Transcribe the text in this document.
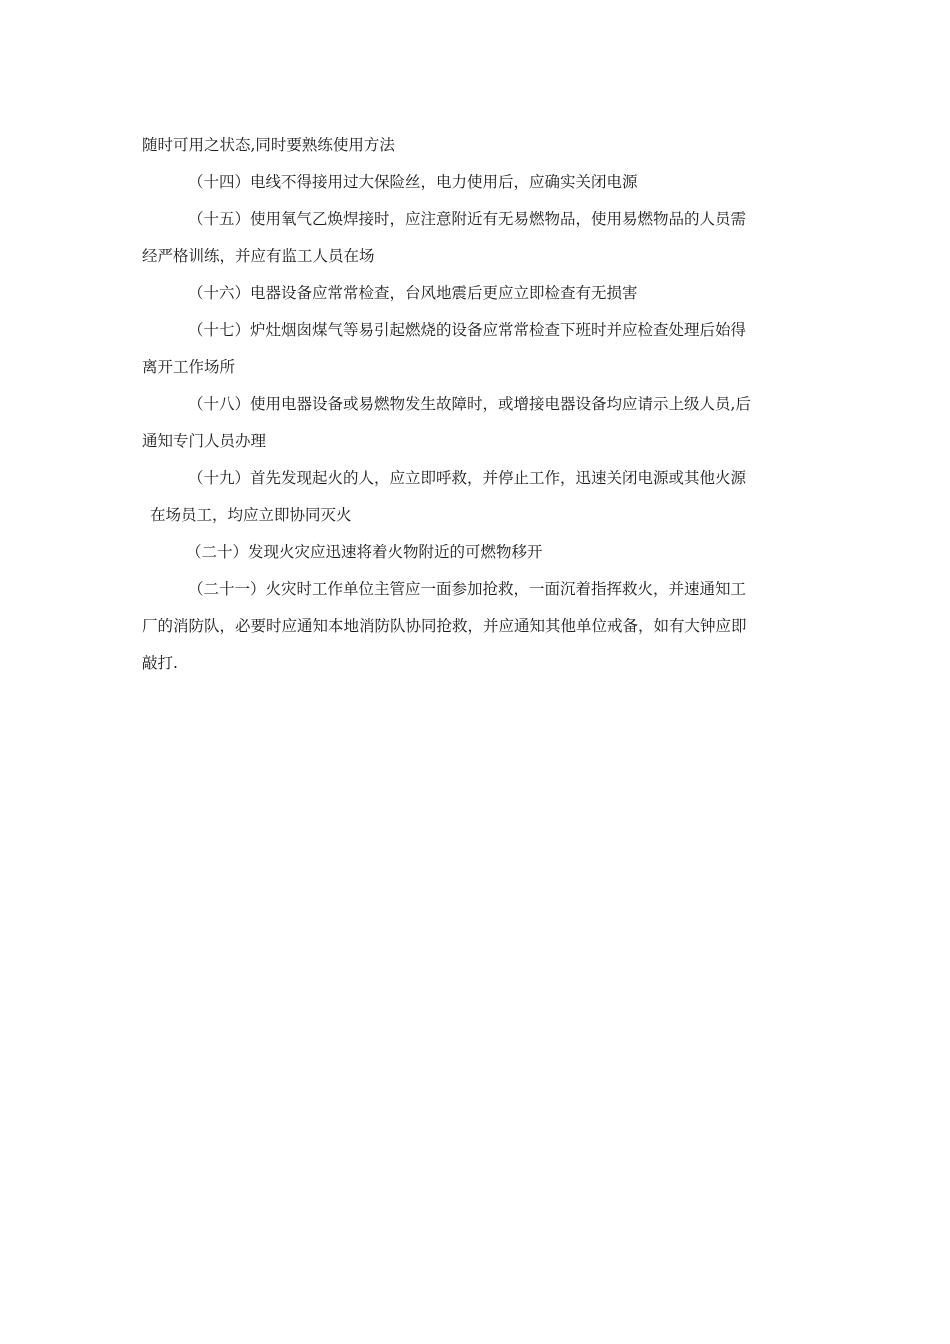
随时可用之状态,同时要熟练使用方法
（十四）电线不得接用过大保险丝，电力使用后，应确实关闭电源
（十五）使用氧气乙焕焊接时，应注意附近有无易燃物品，使用易燃物品的人员需
经严格训练，并应有监工人员在场
（十六）电器设备应常常检查，台风地震后更应立即检查有无损害
（十七）炉灶烟囱煤气等易引起燃烧的设备应常常检查下班时并应检查处理后始得
离开工作场所
（十八）使用电器设备或易燃物发生故障时，或增接电器设备均应请示上级人员,后
通知专门人员办理
（十九）首先发现起火的人，应立即呼救，并停止工作，迅速关闭电源或其他火源
在场员工，均应立即协同灭火
（二十）发现火灾应迅速将着火物附近的可燃物移开
（二十一）火灾时工作单位主管应一面参加抢救，一面沉着指挥救火，并速通知工
厂的消防队，必要时应通知本地消防队协同抢救，并应通知其他单位戒备，如有大钟应即
敲打.
